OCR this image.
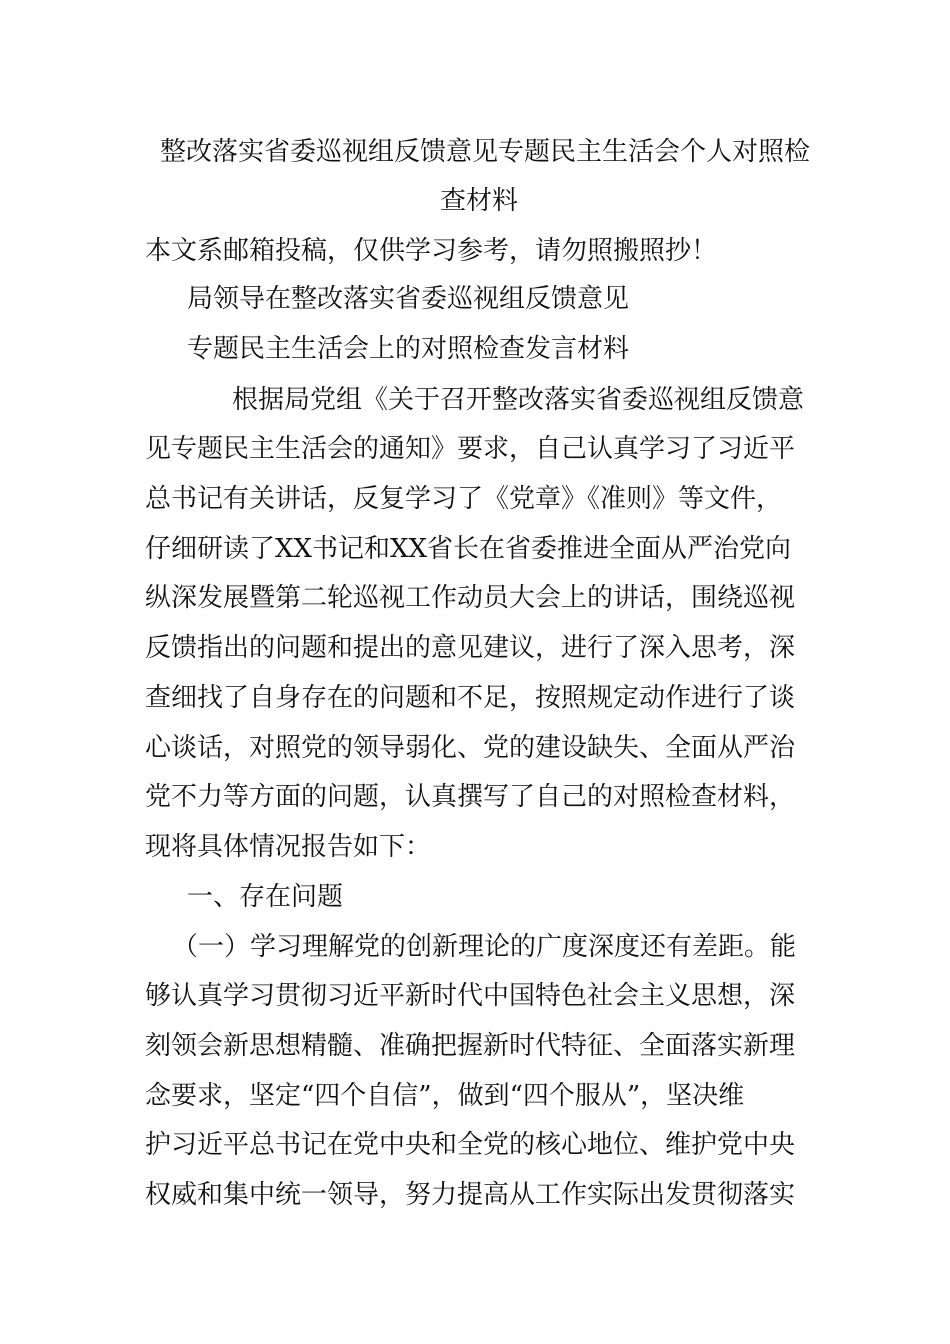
整改落实省委巡视组反馈意见专题民主生活会个人对照检
查材料
本文系邮箱投稿，仅供学习参考，请勿照搬照抄！
局领导在整改落实省委巡视组反馈意见
专题民主生活会上的对照检查发言材料
根据局党组《关于召开整改落实省委巡视组反馈意
见专题民主生活会的通知》要求，自己认真学习了习近平
总书记有关讲话，反复学习了《党章》《准则》等文件，
仔细研读了XX书记和XX省长在省委推进全面从严治党向
纵深发展暨第二轮巡视工作动员大会上的讲话，围绕巡视
反馈指出的问题和提出的意见建议，进行了深入思考，深
查细找了自身存在的问题和不足，按照规定动作进行了谈
心谈话，对照党的领导弱化、党的建设缺失、全面从严治
党不力等方面的问题，认真撰写了自己的对照检查材料，
现将具体情况报告如下：
一、存在问题
（一）学习理解党的创新理论的广度深度还有差距。能
够认真学习贯彻习近平新时代中国特色社会主义思想，深
刻领会新思想精髓、准确把握新时代特征、全面落实新理
念要求，坚定“四个自信”，做到“四个服从”，坚决维
护习近平总书记在党中央和全党的核心地位、维护党中央
权威和集中统一领导，努力提高从工作实际出发贯彻落实
